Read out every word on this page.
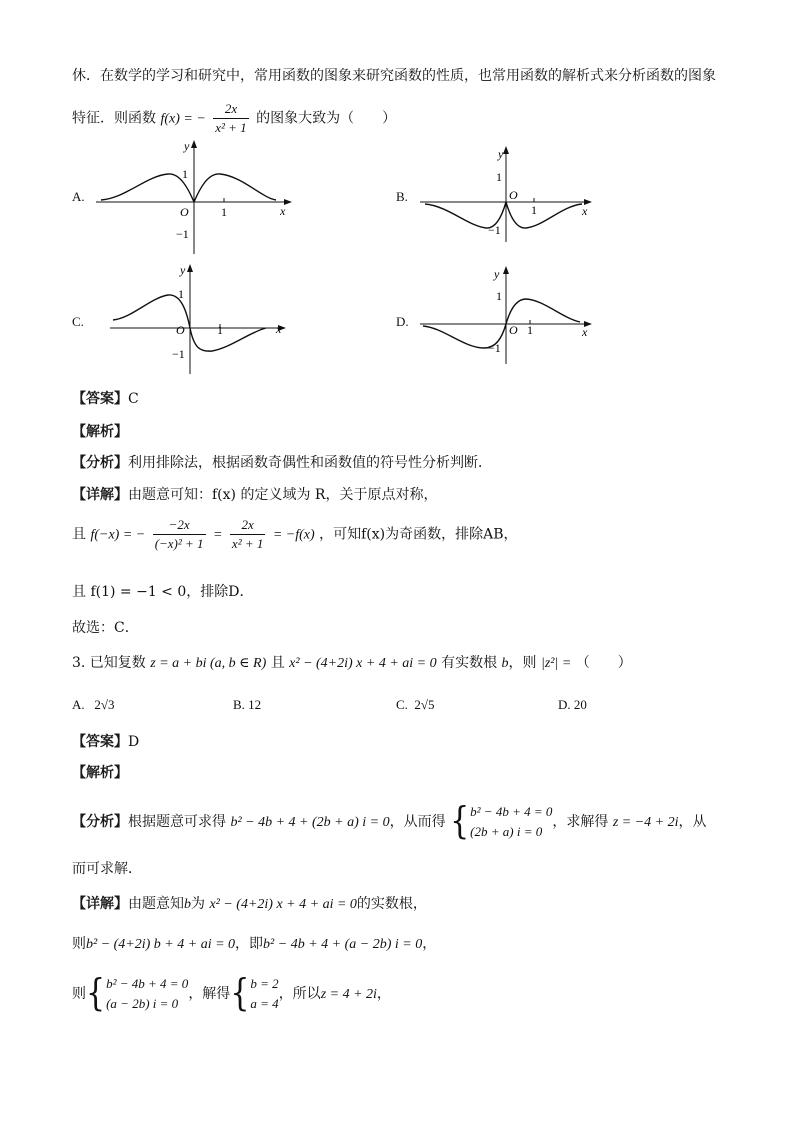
休．在数学的学习和研究中，常用函数的图象来研究函数的性质，也常用函数的解析式来分析函数的图象
特征．则函数 f(x) = − $\frac{2x}{\text{x² + 1}}$ 的图象大致为（　　）
A.	B.
C.	D.
y
x
O	1
1
−1
y
x
O
1
1
−1
y
x
O	1
1
−1
y
x
O 1
1
−1
【答案】C
【解析】
【分析】利用排除法，根据函数奇偶性和函数值的符号性分析判断．
【详解】由题意可知：f(x) 的定义域为 R，关于原点对称，
且 f(−x) = − $\frac{-2x}{\text{(−x)² + 1}} = \frac{2x}{\text{x² + 1}} = -f(x)$ ，可知f(x)为奇函数，排除AB，
且 f(1) = −1 < 0，排除D．
故选：C．
3. 已知复数 z = a + bi (a, b ∈ R) 且 x² − (4+2i) x + 4 + ai = 0 有实数根 b，则 |z²| = （　　）
A. 2√3	B. 12	C. 2√5	D. 20
【答案】D
【解析】
【分析】根据题意可求得 b² − 4b + 4 + (2b + a) i = 0，从而得 { b² − 4b + 4 = 0
(2b + a) i = 0
，求解得 z = −4 + 2i，从
而可求解．
【详解】由题意知b为 x² − (4+2i) x + 4 + ai = 0的实数根，
则b² − (4+2i) b + 4 + ai = 0，即b² − 4b + 4 + (a − 2b) i = 0，
则{ b² − 4b + 4 = 0
(a − 2b) i = 0
，解得{ b = 2
a = 4
，所以z = 4 + 2i，
